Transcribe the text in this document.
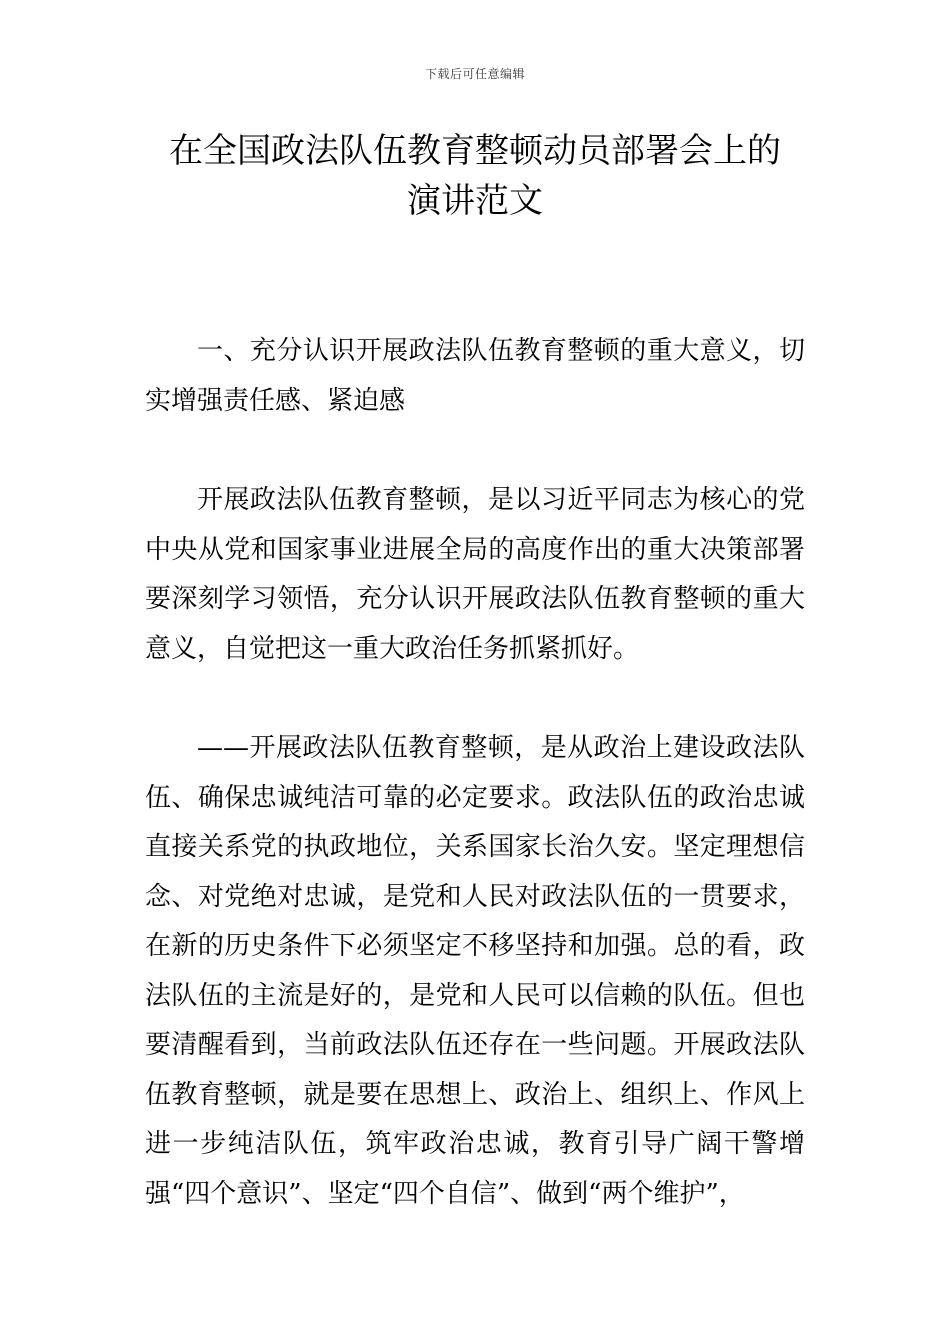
下载后可任意编辑
在全国政法队伍教育整顿动员部署会上的
演讲范文

一、充分认识开展政法队伍教育整顿的重大意义，切实增强责任感、紧迫感

开展政法队伍教育整顿，是以习近平同志为核心的党中央从党和国家事业进展全局的高度作出的重大决策部署要深刻学习领悟，充分认识开展政法队伍教育整顿的重大意义，自觉把这一重大政治任务抓紧抓好。

——开展政法队伍教育整顿，是从政治上建设政法队伍、确保忠诚纯洁可靠的必定要求。政法队伍的政治忠诚直接关系党的执政地位，关系国家长治久安。坚定理想信念、对党绝对忠诚，是党和人民对政法队伍的一贯要求，在新的历史条件下必须坚定不移坚持和加强。总的看，政法队伍的主流是好的，是党和人民可以信赖的队伍。但也要清醒看到，当前政法队伍还存在一些问题。开展政法队伍教育整顿，就是要在思想上、政治上、组织上、作风上进一步纯洁队伍，筑牢政治忠诚，教育引导广阔干警增强“四个意识”、坚定“四个自信”、做到“两个维护”，
